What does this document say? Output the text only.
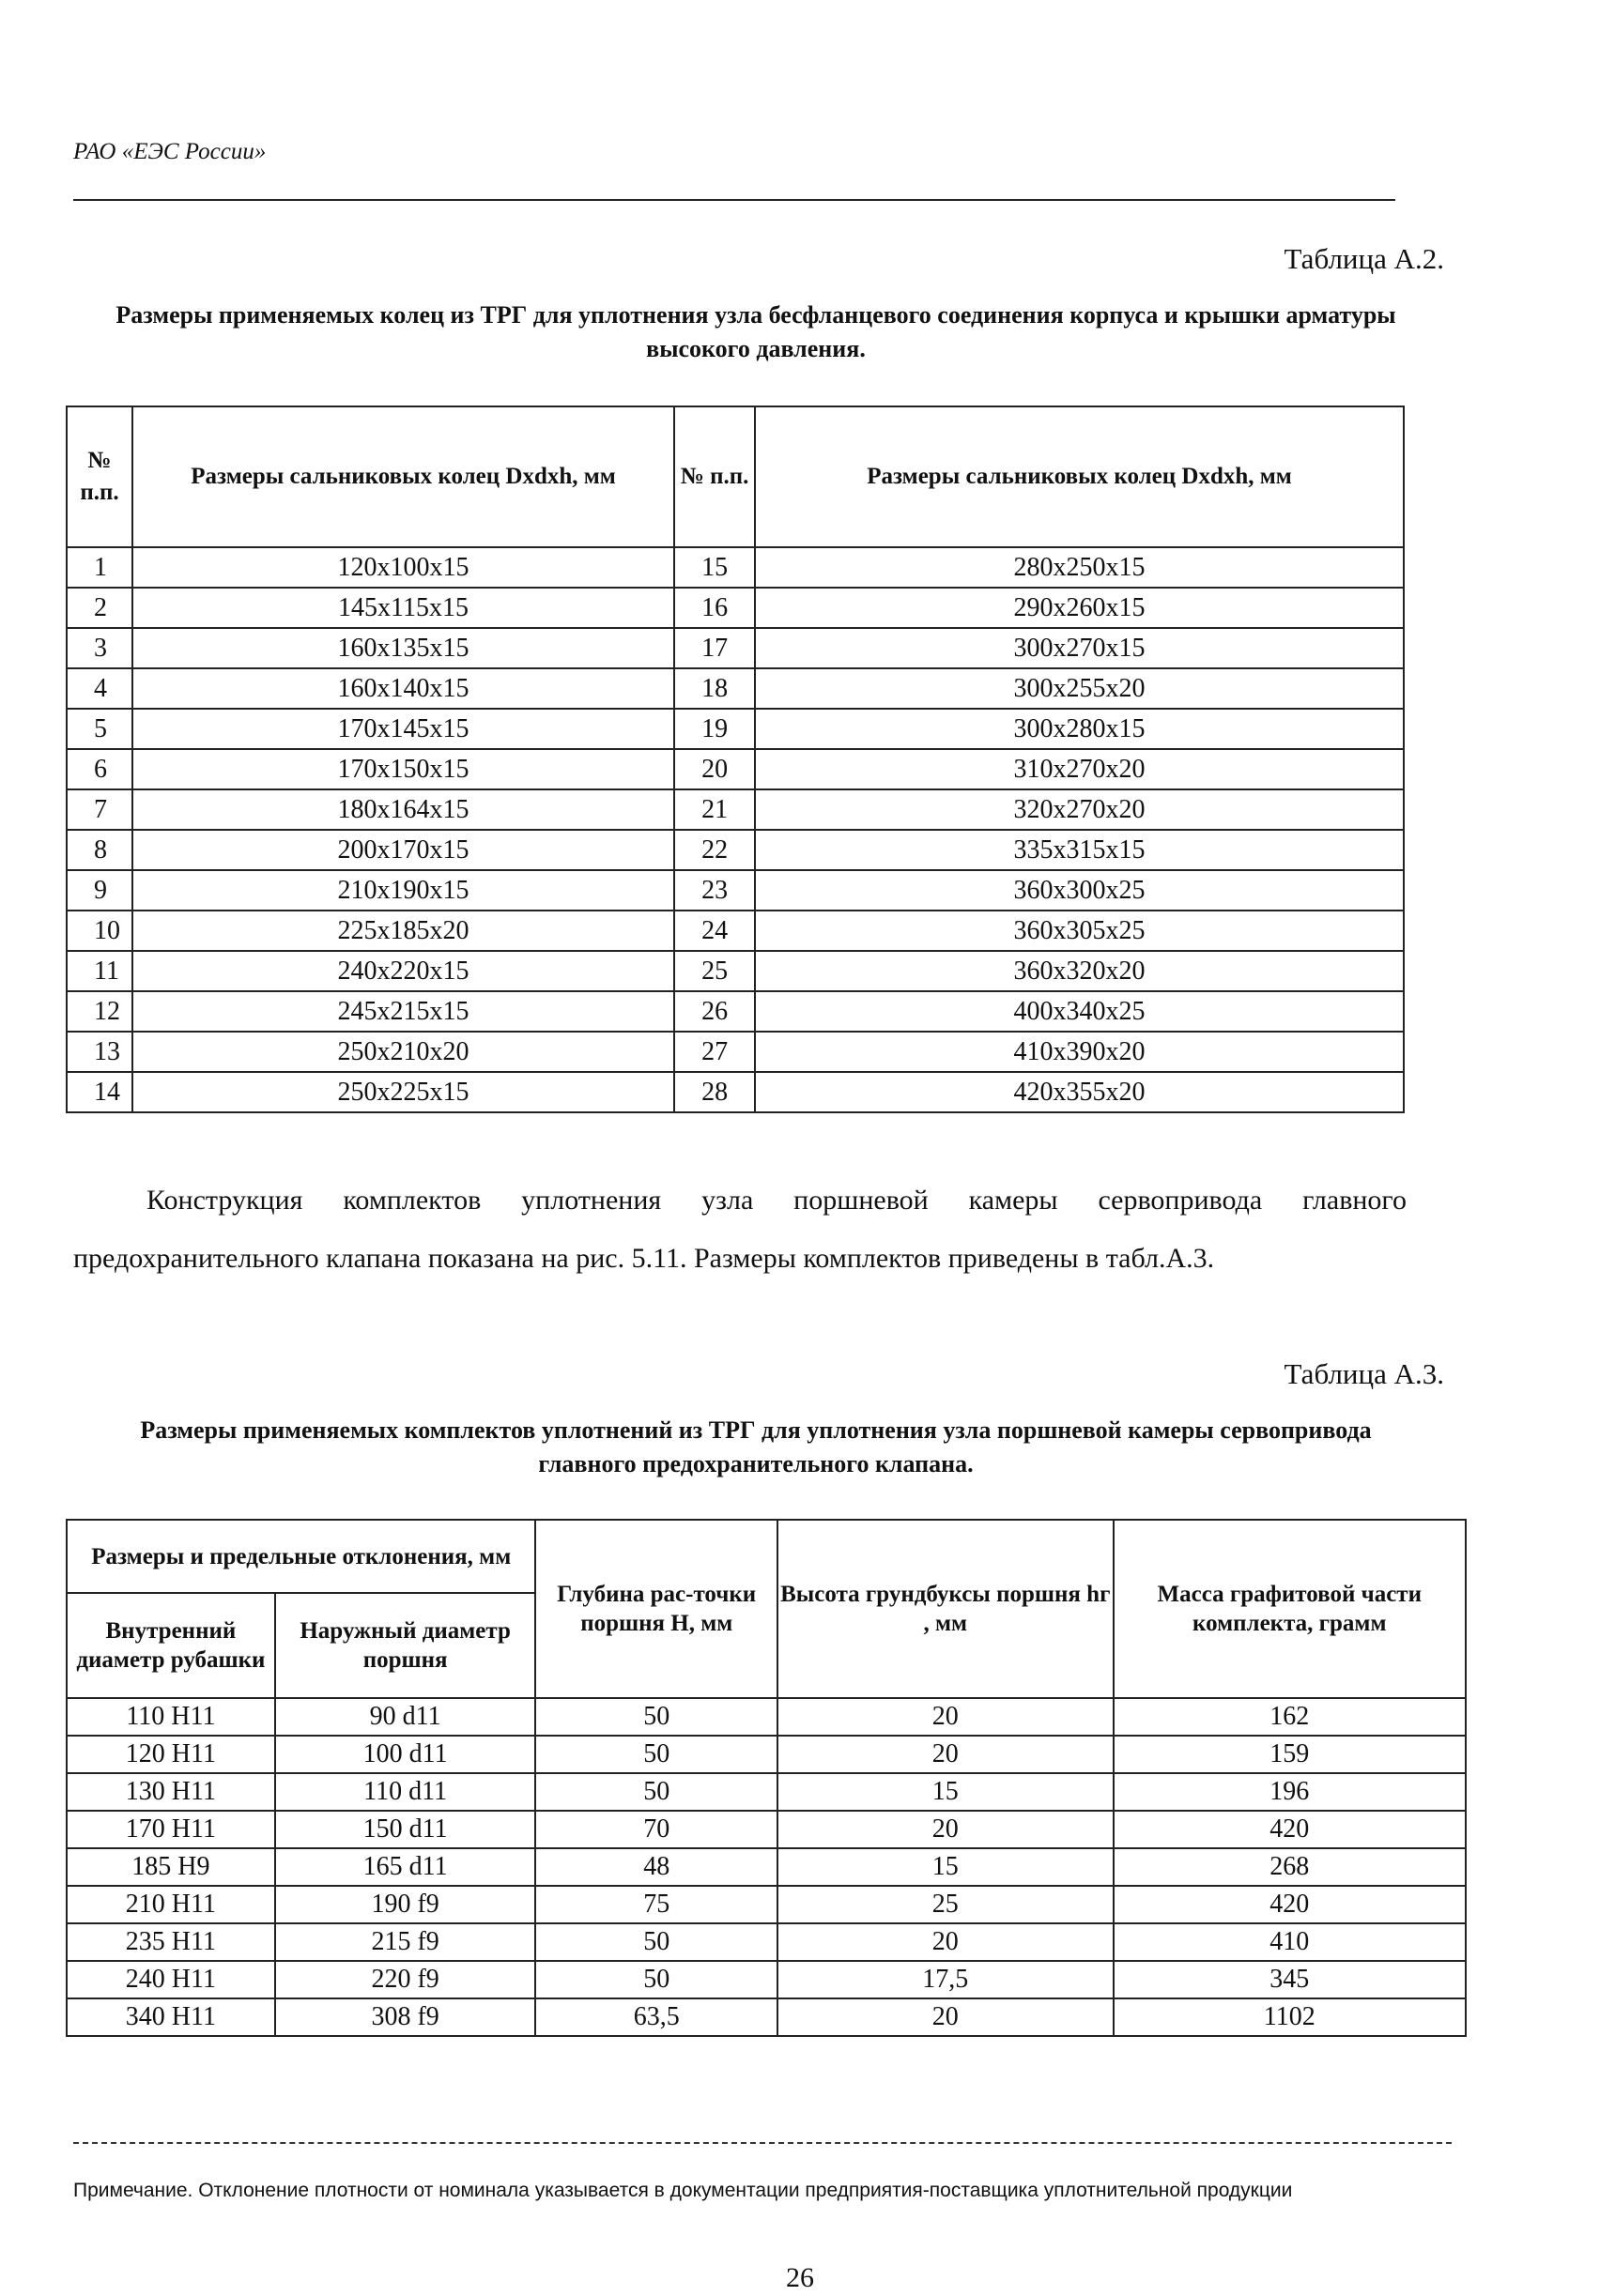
РАО «ЕЭС России»
Таблица А.2.
Размеры применяемых колец из ТРГ для уплотнения узла бесфланцевого соединения корпуса и крышки арматуры высокого давления.
№ п.п.	Размеры сальниковых колец Dxdxh, мм	№ п.п.	Размеры сальниковых колец Dxdxh, мм
1	120x100x15	15	280x250x15
2	145x115x15	16	290x260x15
3	160x135x15	17	300x270x15
4	160x140x15	18	300x255x20
5	170x145x15	19	300x280x15
6	170x150x15	20	310x270x20
7	180x164x15	21	320x270x20
8	200x170x15	22	335x315x15
9	210x190x15	23	360x300x25
10	225x185x20	24	360x305x25
11	240x220x15	25	360x320x20
12	245x215x15	26	400x340x25
13	250x210x20	27	410x390x20
14	250x225x15	28	420x355x20
Конструкция комплектов уплотнения узла поршневой камеры сервопривода главного предохранительного клапана показана на рис. 5.11. Размеры комплектов приведены в табл.А.3.
Таблица А.3.
Размеры применяемых комплектов уплотнений из ТРГ для уплотнения узла поршневой камеры сервопривода главного предохранительного клапана.
Размеры и предельные отклонения, мм		Глубина рас-точки поршня Н, мм	Высота грундбуксы поршня hг , мм	Масса графитовой части комплекта, грамм
Внутренний диаметр рубашки	Наружный диаметр поршня			
110 H11	90 d11	50	20	162
120 H11	100 d11	50	20	159
130 H11	110 d11	50	15	196
170 H11	150 d11	70	20	420
185 H9	165 d11	48	15	268
210 H11	190 f9	75	25	420
235 H11	215 f9	50	20	410
240 H11	220 f9	50	17,5	345
340 H11	308 f9	63,5	20	1102
Примечание. Отклонение плотности от номинала указывается в документации предприятия-поставщика уплотнительной продукции
26
